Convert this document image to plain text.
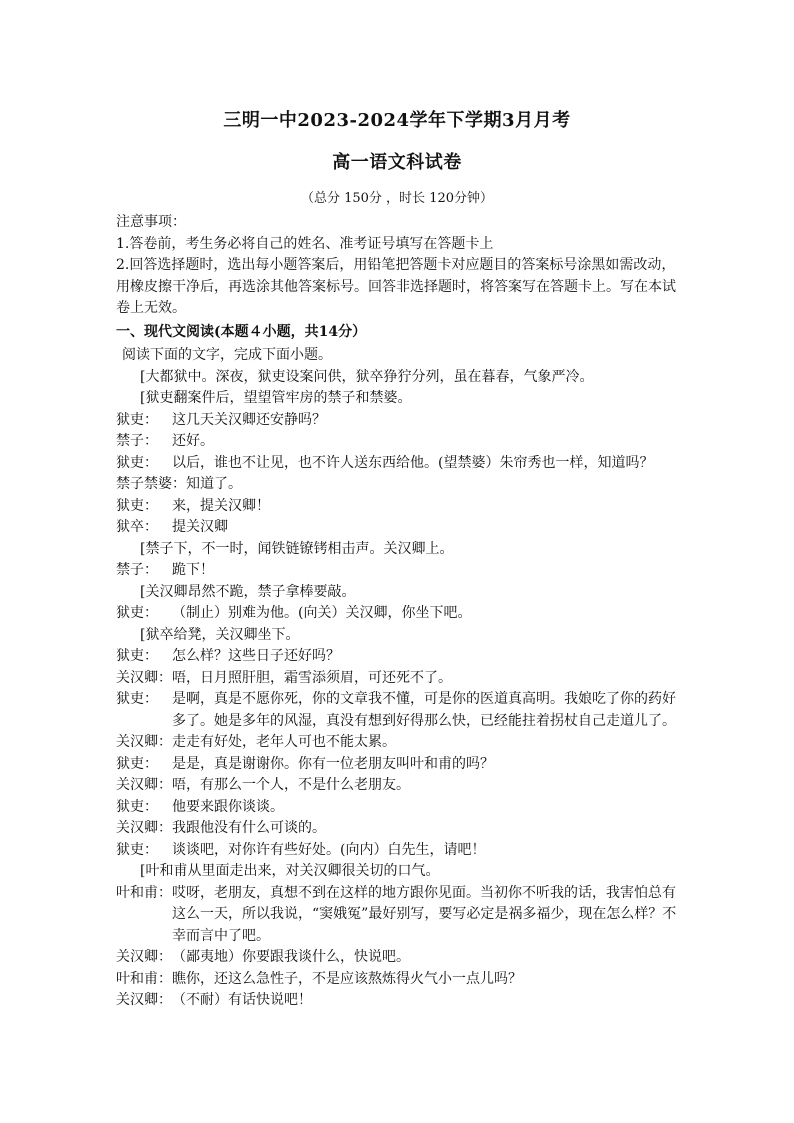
三明一中2023-2024学年下学期3月月考
高一语文科试卷
（总分 150分 ，时长 120分钟）
注意事项：
1.答卷前，考生务必将自己的姓名、准考证号填写在答题卡上
2.回答选择题时，选出每小题答案后，用铅笔把答题卡对应题目的答案标号涂黑如需改动，用橡皮擦干净后，再选涂其他答案标号。回答非选择题时，将答案写在答题卡上。写在本试卷上无效。
一、现代文阅读(本题４小题，共14分）
阅读下面的文字，完成下面小题。
[大都狱中。深夜，狱吏设案问供，狱卒狰狞分列，虽在暮春，气象严冷。
[狱吏翻案件后，望望管牢房的禁子和禁婆。
狱吏：	这几天关汉卿还安静吗？
禁子：	还好。
狱吏：	以后，谁也不让见，也不许人送东西给他。(望禁婆）朱帘秀也一样，知道吗？
禁子禁婆： 知道了。
狱吏：	来，提关汉卿！
狱卒：	提关汉卿
[禁子下，不一时，闻铁链镣铐相击声。关汉卿上。
禁子：	跪下！
[关汉卿昂然不跪，禁子拿棒要敲。
狱吏：	（制止）别难为他。(向关）关汉卿，你坐下吧。
[狱卒给凳，关汉卿坐下。
狱吏：	怎么样？这些日子还好吗？
关汉卿： 唔，日月照肝胆，霜雪添须眉，可还死不了。
狱吏：	是啊，真是不愿你死，你的文章我不懂，可是你的医道真高明。我娘吃了你的药好多了。她是多年的风湿，真没有想到好得那么快，已经能拄着拐杖自己走道儿了。
关汉卿： 走走有好处，老年人可也不能太累。
狱吏：	是是，真是谢谢你。你有一位老朋友叫叶和甫的吗？
关汉卿： 唔，有那么一个人，不是什么老朋友。
狱吏：	他要来跟你谈谈。
关汉卿： 我跟他没有什么可谈的。
狱吏：	谈谈吧，对你许有些好处。(向内）白先生，请吧！
[叶和甫从里面走出来，对关汉卿很关切的口气。
叶和甫： 哎呀，老朋友，真想不到在这样的地方跟你见面。当初你不听我的话，我害怕总有这么一天，所以我说，“窦娥冤”最好别写，要写必定是祸多福少，现在怎么样？不幸而言中了吧。
关汉卿： （鄙夷地）你要跟我谈什么，快说吧。
叶和甫： 瞧你，还这么急性子，不是应该熬炼得火气小一点儿吗？
关汉卿： （不耐）有话快说吧！
